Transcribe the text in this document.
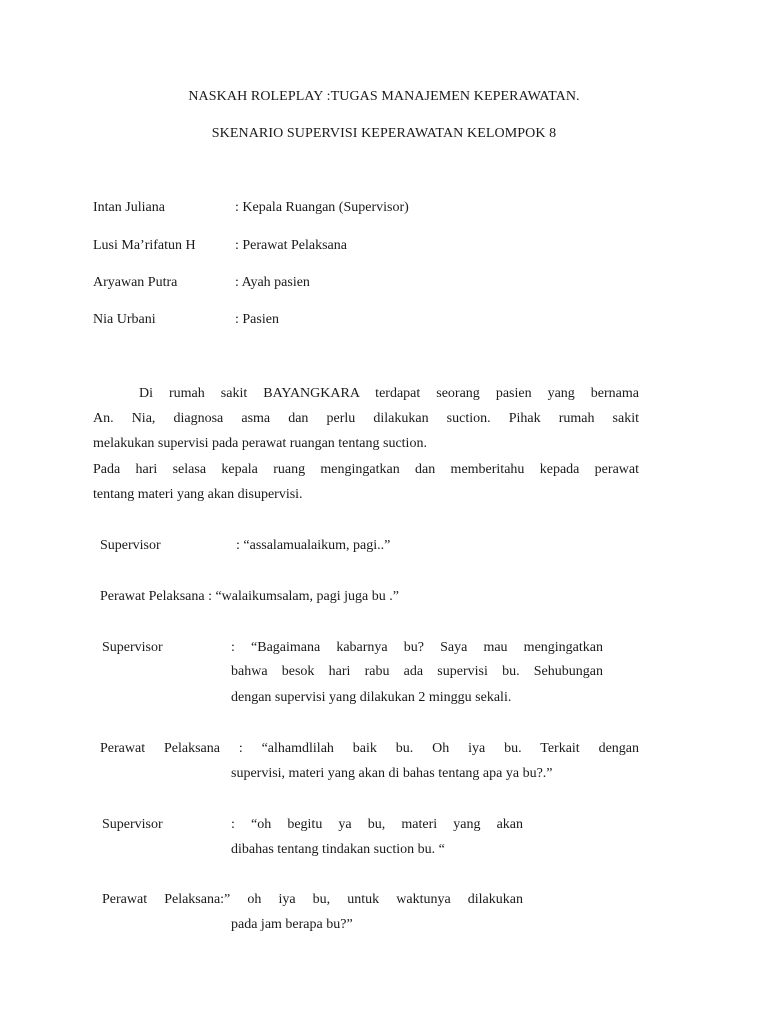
NASKAH ROLEPLAY :TUGAS MANAJEMEN KEPERAWATAN.

SKENARIO SUPERVISI KEPERAWATAN KELOMPOK 8

Intan Juliana	: Kepala Ruangan (Supervisor)

Lusi Ma’rifatun H	: Perawat Pelaksana

Aryawan Putra	: Ayah pasien

Nia Urbani	: Pasien

Di rumah sakit BAYANGKARA terdapat seorang pasien yang bernama
An. Nia, diagnosa asma dan perlu dilakukan suction. Pihak rumah sakit
melakukan supervisi pada perawat ruangan tentang suction.
Pada hari selasa kepala ruang mengingatkan dan memberitahu kepada perawat
tentang materi yang akan disupervisi.
Supervisor	: “assalamualaikum, pagi..”
Perawat Pelaksana : “walaikumsalam, pagi juga bu .”
Supervisor	: “Bagaimana kabarnya bu? Saya mau mengingatkan
bahwa besok hari rabu ada supervisi bu. Sehubungan
dengan supervisi yang dilakukan 2 minggu sekali.
Perawat Pelaksana : “alhamdlilah baik bu. Oh iya bu. Terkait dengan
supervisi, materi yang akan di bahas tentang apa ya bu?.”
Supervisor	: “oh begitu ya bu, materi yang akan
dibahas tentang tindakan suction bu. “
Perawat Pelaksana:” oh iya bu, untuk waktunya dilakukan
pada jam berapa bu?”
